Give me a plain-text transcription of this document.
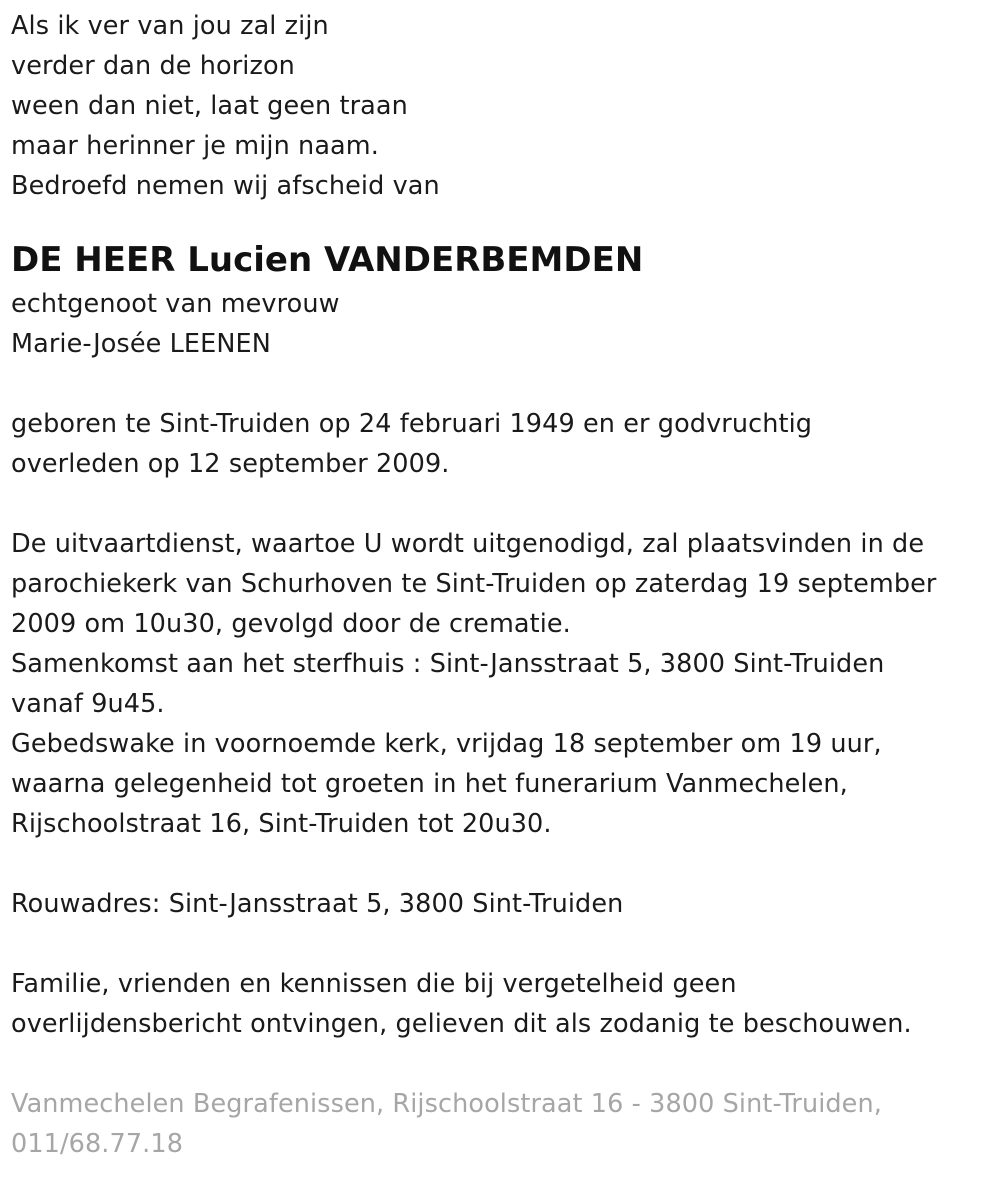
Als ik ver van jou zal zijn
verder dan de horizon
ween dan niet, laat geen traan
maar herinner je mijn naam.
Bedroefd nemen wij afscheid van
DE HEER Lucien VANDERBEMDEN
echtgenoot van mevrouw
Marie-Josée LEENEN
geboren te Sint-Truiden op 24 februari 1949 en er godvruchtig
overleden op 12 september 2009.
De uitvaartdienst, waartoe U wordt uitgenodigd, zal plaatsvinden in de
parochiekerk van Schurhoven te Sint-Truiden op zaterdag 19 september
2009 om 10u30, gevolgd door de crematie.
Samenkomst aan het sterfhuis : Sint-Jansstraat 5, 3800 Sint-Truiden
vanaf 9u45.
Gebedswake in voornoemde kerk, vrijdag 18 september om 19 uur,
waarna gelegenheid tot groeten in het funerarium Vanmechelen,
Rijschoolstraat 16, Sint-Truiden tot 20u30.
Rouwadres: Sint-Jansstraat 5, 3800 Sint-Truiden
Familie, vrienden en kennissen die bij vergetelheid geen
overlijdensbericht ontvingen, gelieven dit als zodanig te beschouwen.
Vanmechelen Begrafenissen, Rijschoolstraat 16 - 3800 Sint-Truiden,
011/68.77.18
